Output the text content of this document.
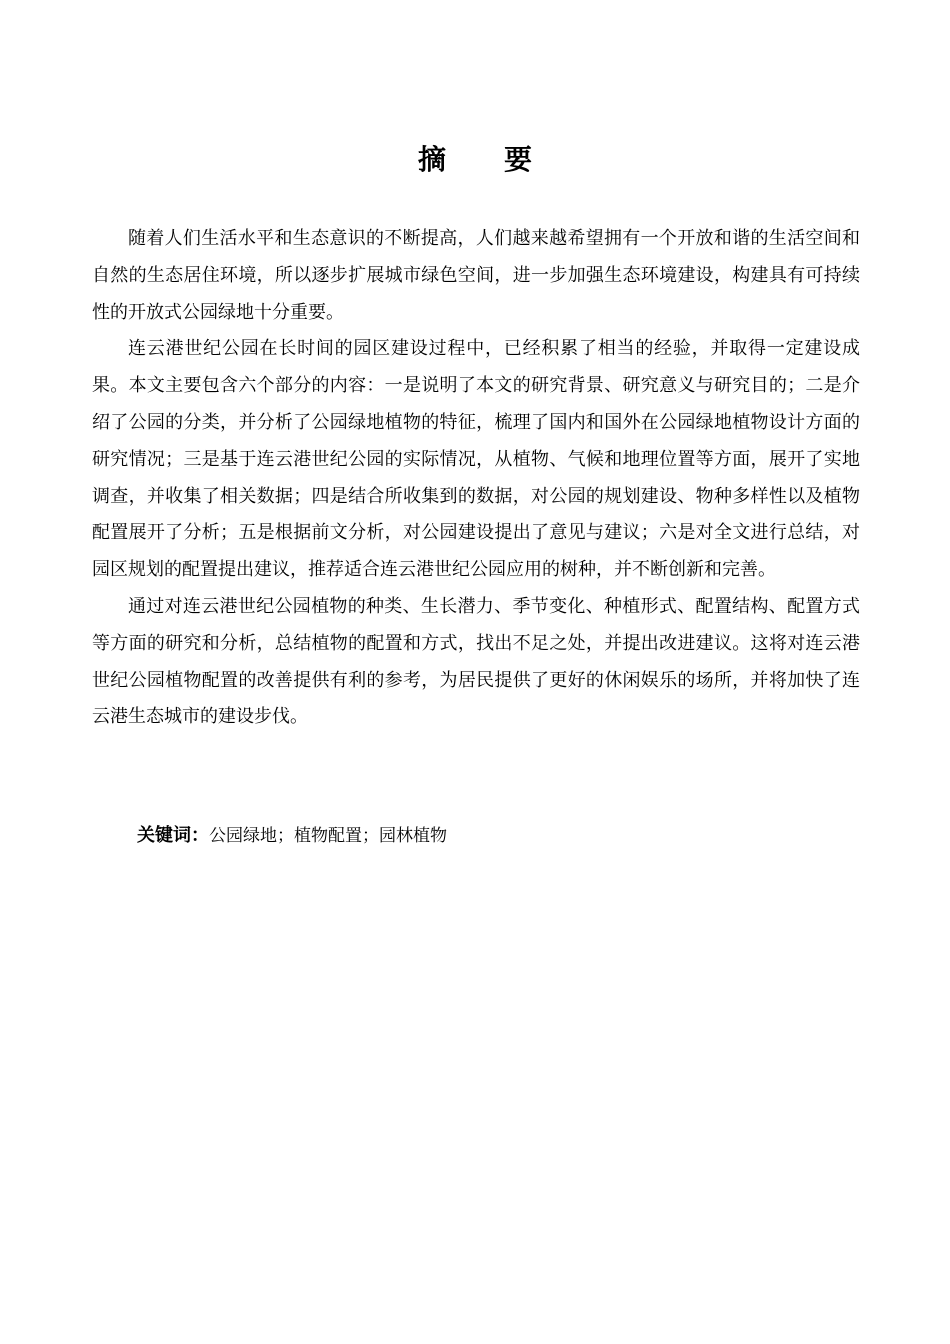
摘要

随着人们生活水平和生态意识的不断提高，人们越来越希望拥有一个开放和谐的生活空间和自然的生态居住环境，所以逐步扩展城市绿色空间，进一步加强生态环境建设，构建具有可持续性的开放式公园绿地十分重要。

连云港世纪公园在长时间的园区建设过程中，已经积累了相当的经验，并取得一定建设成果。本文主要包含六个部分的内容：一是说明了本文的研究背景、研究意义与研究目的；二是介绍了公园的分类，并分析了公园绿地植物的特征，梳理了国内和国外在公园绿地植物设计方面的研究情况；三是基于连云港世纪公园的实际情况，从植物、气候和地理位置等方面，展开了实地调查，并收集了相关数据；四是结合所收集到的数据，对公园的规划建设、物种多样性以及植物配置展开了分析；五是根据前文分析，对公园建设提出了意见与建议；六是对全文进行总结，对园区规划的配置提出建议，推荐适合连云港世纪公园应用的树种，并不断创新和完善。

通过对连云港世纪公园植物的种类、生长潜力、季节变化、种植形式、配置结构、配置方式等方面的研究和分析，总结植物的配置和方式，找出不足之处，并提出改进建议。这将对连云港世纪公园植物配置的改善提供有利的参考，为居民提供了更好的休闲娱乐的场所，并将加快了连云港生态城市的建设步伐。

关键词：公园绿地；植物配置；园林植物
